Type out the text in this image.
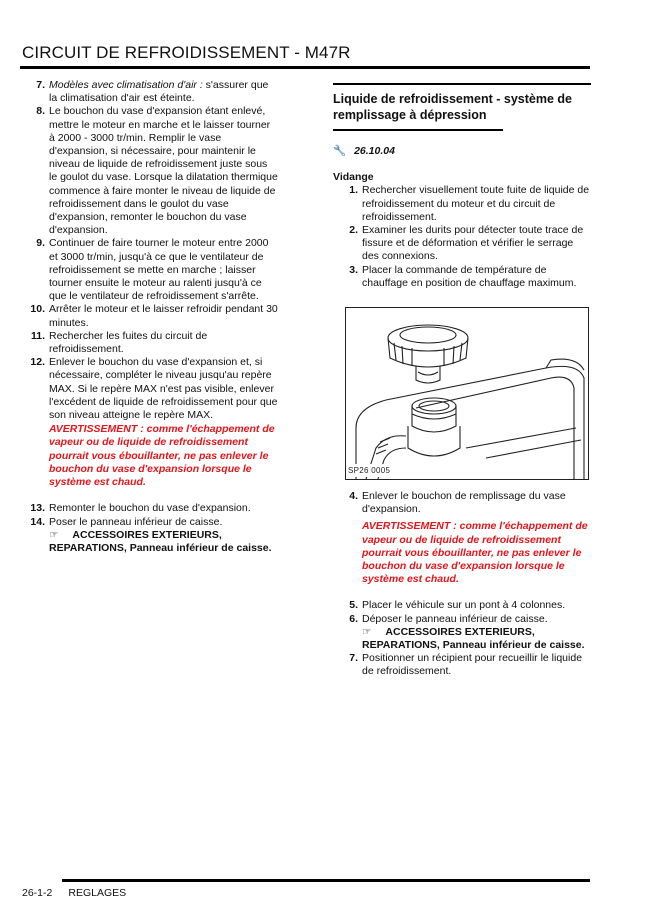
CIRCUIT DE REFROIDISSEMENT - M47R
7. Modèles avec climatisation d'air : s'assurer que la climatisation d'air est éteinte.
8. Le bouchon du vase d'expansion étant enlevé, mettre le moteur en marche et le laisser tourner à 2000 - 3000 tr/min. Remplir le vase d'expansion, si nécessaire, pour maintenir le niveau de liquide de refroidissement juste sous le goulot du vase. Lorsque la dilatation thermique commence à faire monter le niveau de liquide de refroidissement dans le goulot du vase d'expansion, remonter le bouchon du vase d'expansion.
9. Continuer de faire tourner le moteur entre 2000 et 3000 tr/min, jusqu'à ce que le ventilateur de refroidissement se mette en marche ; laisser tourner ensuite le moteur au ralenti jusqu'à ce que le ventilateur de refroidissement s'arrête.
10. Arrêter le moteur et le laisser refroidir pendant 30 minutes.
11. Rechercher les fuites du circuit de refroidissement.
12. Enlever le bouchon du vase d'expansion et, si nécessaire, compléter le niveau jusqu'au repère MAX. Si le repère MAX n'est pas visible, enlever l'excédent de liquide de refroidissement pour que son niveau atteigne le repère MAX.
AVERTISSEMENT : comme l'échappement de vapeur ou de liquide de refroidissement pourrait vous ébouillanter, ne pas enlever le bouchon du vase d'expansion lorsque le système est chaud.
13. Remonter le bouchon du vase d'expansion.
14. Poser le panneau inférieur de caisse.
☞ ACCESSOIRES EXTERIEURS, REPARATIONS, Panneau inférieur de caisse.
Liquide de refroidissement - système de remplissage à dépression
🔧 26.10.04
Vidange
1. Rechercher visuellement toute fuite de liquide de refroidissement du moteur et du circuit de refroidissement.
2. Examiner les durits pour détecter toute trace de fissure et de déformation et vérifier le serrage des connexions.
3. Placer la commande de température de chauffage en position de chauffage maximum.
SP26 0005
4. Enlever le bouchon de remplissage du vase d'expansion.
AVERTISSEMENT : comme l'échappement de vapeur ou de liquide de refroidissement pourrait vous ébouillanter, ne pas enlever le bouchon du vase d'expansion lorsque le système est chaud.
5. Placer le véhicule sur un pont à 4 colonnes.
6. Déposer le panneau inférieur de caisse.
☞ ACCESSOIRES EXTERIEURS, REPARATIONS, Panneau inférieur de caisse.
7. Positionner un récipient pour recueillir le liquide de refroidissement.
26-1-2 REGLAGES
